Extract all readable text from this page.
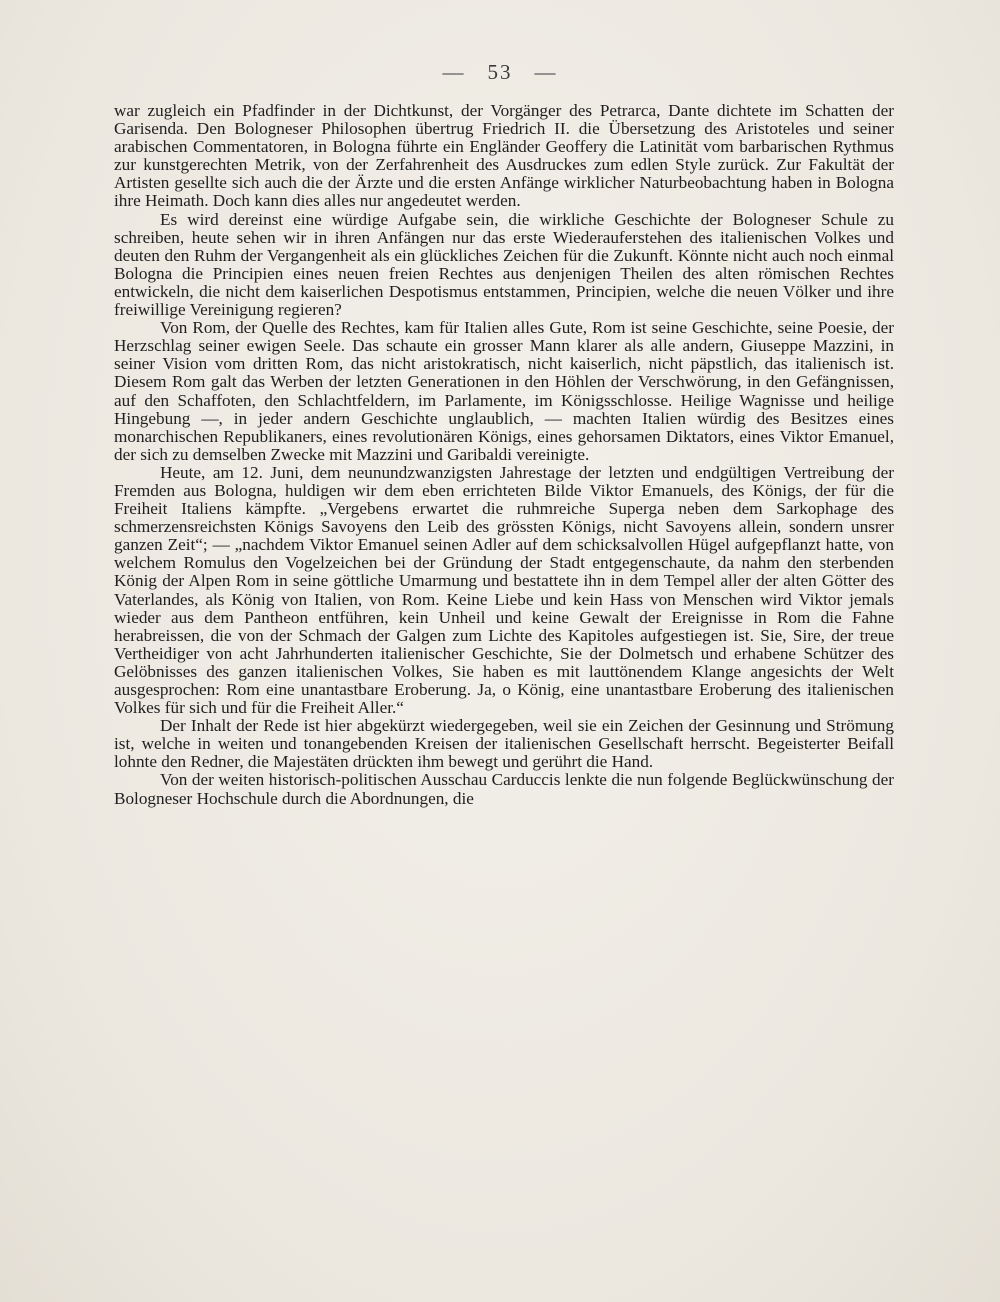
— 53 —

war zugleich ein Pfadfinder in der Dichtkunst, der Vorgänger des Petrarca, Dante dichtete im Schatten der Garisenda. Den Bologneser Philosophen übertrug Friedrich II. die Übersetzung des Aristoteles und seiner arabischen Commentatoren, in Bologna führte ein Engländer Geoffery die Latinität vom barbarischen Rythmus zur kunstgerechten Metrik, von der Zerfahrenheit des Ausdruckes zum edlen Style zurück. Zur Fakultät der Artisten gesellte sich auch die der Ärzte und die ersten Anfänge wirklicher Naturbeobachtung haben in Bologna ihre Heimath. Doch kann dies alles nur angedeutet werden.

Es wird dereinst eine würdige Aufgabe sein, die wirkliche Geschichte der Bologneser Schule zu schreiben, heute sehen wir in ihren Anfängen nur das erste Wiederauferstehen des italienischen Volkes und deuten den Ruhm der Vergangenheit als ein glückliches Zeichen für die Zukunft. Könnte nicht auch noch einmal Bologna die Principien eines neuen freien Rechtes aus denjenigen Theilen des alten römischen Rechtes entwickeln, die nicht dem kaiserlichen Despotismus entstammen, Principien, welche die neuen Völker und ihre freiwillige Vereinigung regieren?

Von Rom, der Quelle des Rechtes, kam für Italien alles Gute, Rom ist seine Geschichte, seine Poesie, der Herzschlag seiner ewigen Seele. Das schaute ein grosser Mann klarer als alle andern, Giuseppe Mazzini, in seiner Vision vom dritten Rom, das nicht aristokratisch, nicht kaiserlich, nicht päpstlich, das italienisch ist. Diesem Rom galt das Werben der letzten Generationen in den Höhlen der Verschwörung, in den Gefängnissen, auf den Schaffoten, den Schlachtfeldern, im Parlamente, im Königsschlosse. Heilige Wagnisse und heilige Hingebung —, in jeder andern Geschichte unglaublich, — machten Italien würdig des Besitzes eines monarchischen Republikaners, eines revolutionären Königs, eines gehorsamen Diktators, eines Viktor Emanuel, der sich zu demselben Zwecke mit Mazzini und Garibaldi vereinigte.

Heute, am 12. Juni, dem neunundzwanzigsten Jahrestage der letzten und endgültigen Vertreibung der Fremden aus Bologna, huldigen wir dem eben errichteten Bilde Viktor Emanuels, des Königs, der für die Freiheit Italiens kämpfte. „Vergebens erwartet die ruhmreiche Superga neben dem Sarkophage des schmerzensreichsten Königs Savoyens den Leib des grössten Königs, nicht Savoyens allein, sondern unsrer ganzen Zeit“; — „nachdem Viktor Emanuel seinen Adler auf dem schicksalvollen Hügel aufgepflanzt hatte, von welchem Romulus den Vogelzeichen bei der Gründung der Stadt entgegenschaute, da nahm den sterbenden König der Alpen Rom in seine göttliche Umarmung und bestattete ihn in dem Tempel aller der alten Götter des Vaterlandes, als König von Italien, von Rom. Keine Liebe und kein Hass von Menschen wird Viktor jemals wieder aus dem Pantheon entführen, kein Unheil und keine Gewalt der Ereignisse in Rom die Fahne herabreissen, die von der Schmach der Galgen zum Lichte des Kapitoles aufgestiegen ist. Sie, Sire, der treue Vertheidiger von acht Jahrhunderten italienischer Geschichte, Sie der Dolmetsch und erhabene Schützer des Gelöbnisses des ganzen italienischen Volkes, Sie haben es mit lauttönendem Klange angesichts der Welt ausgesprochen: Rom eine unantastbare Eroberung. Ja, o König, eine unantastbare Eroberung des italienischen Volkes für sich und für die Freiheit Aller.“

Der Inhalt der Rede ist hier abgekürzt wiedergegeben, weil sie ein Zeichen der Gesinnung und Strömung ist, welche in weiten und tonangebenden Kreisen der italienischen Gesellschaft herrscht. Begeisterter Beifall lohnte den Redner, die Majestäten drückten ihm bewegt und gerührt die Hand.

Von der weiten historisch-politischen Ausschau Carduccis lenkte die nun folgende Beglückwünschung der Bologneser Hochschule durch die Abordnungen, die
